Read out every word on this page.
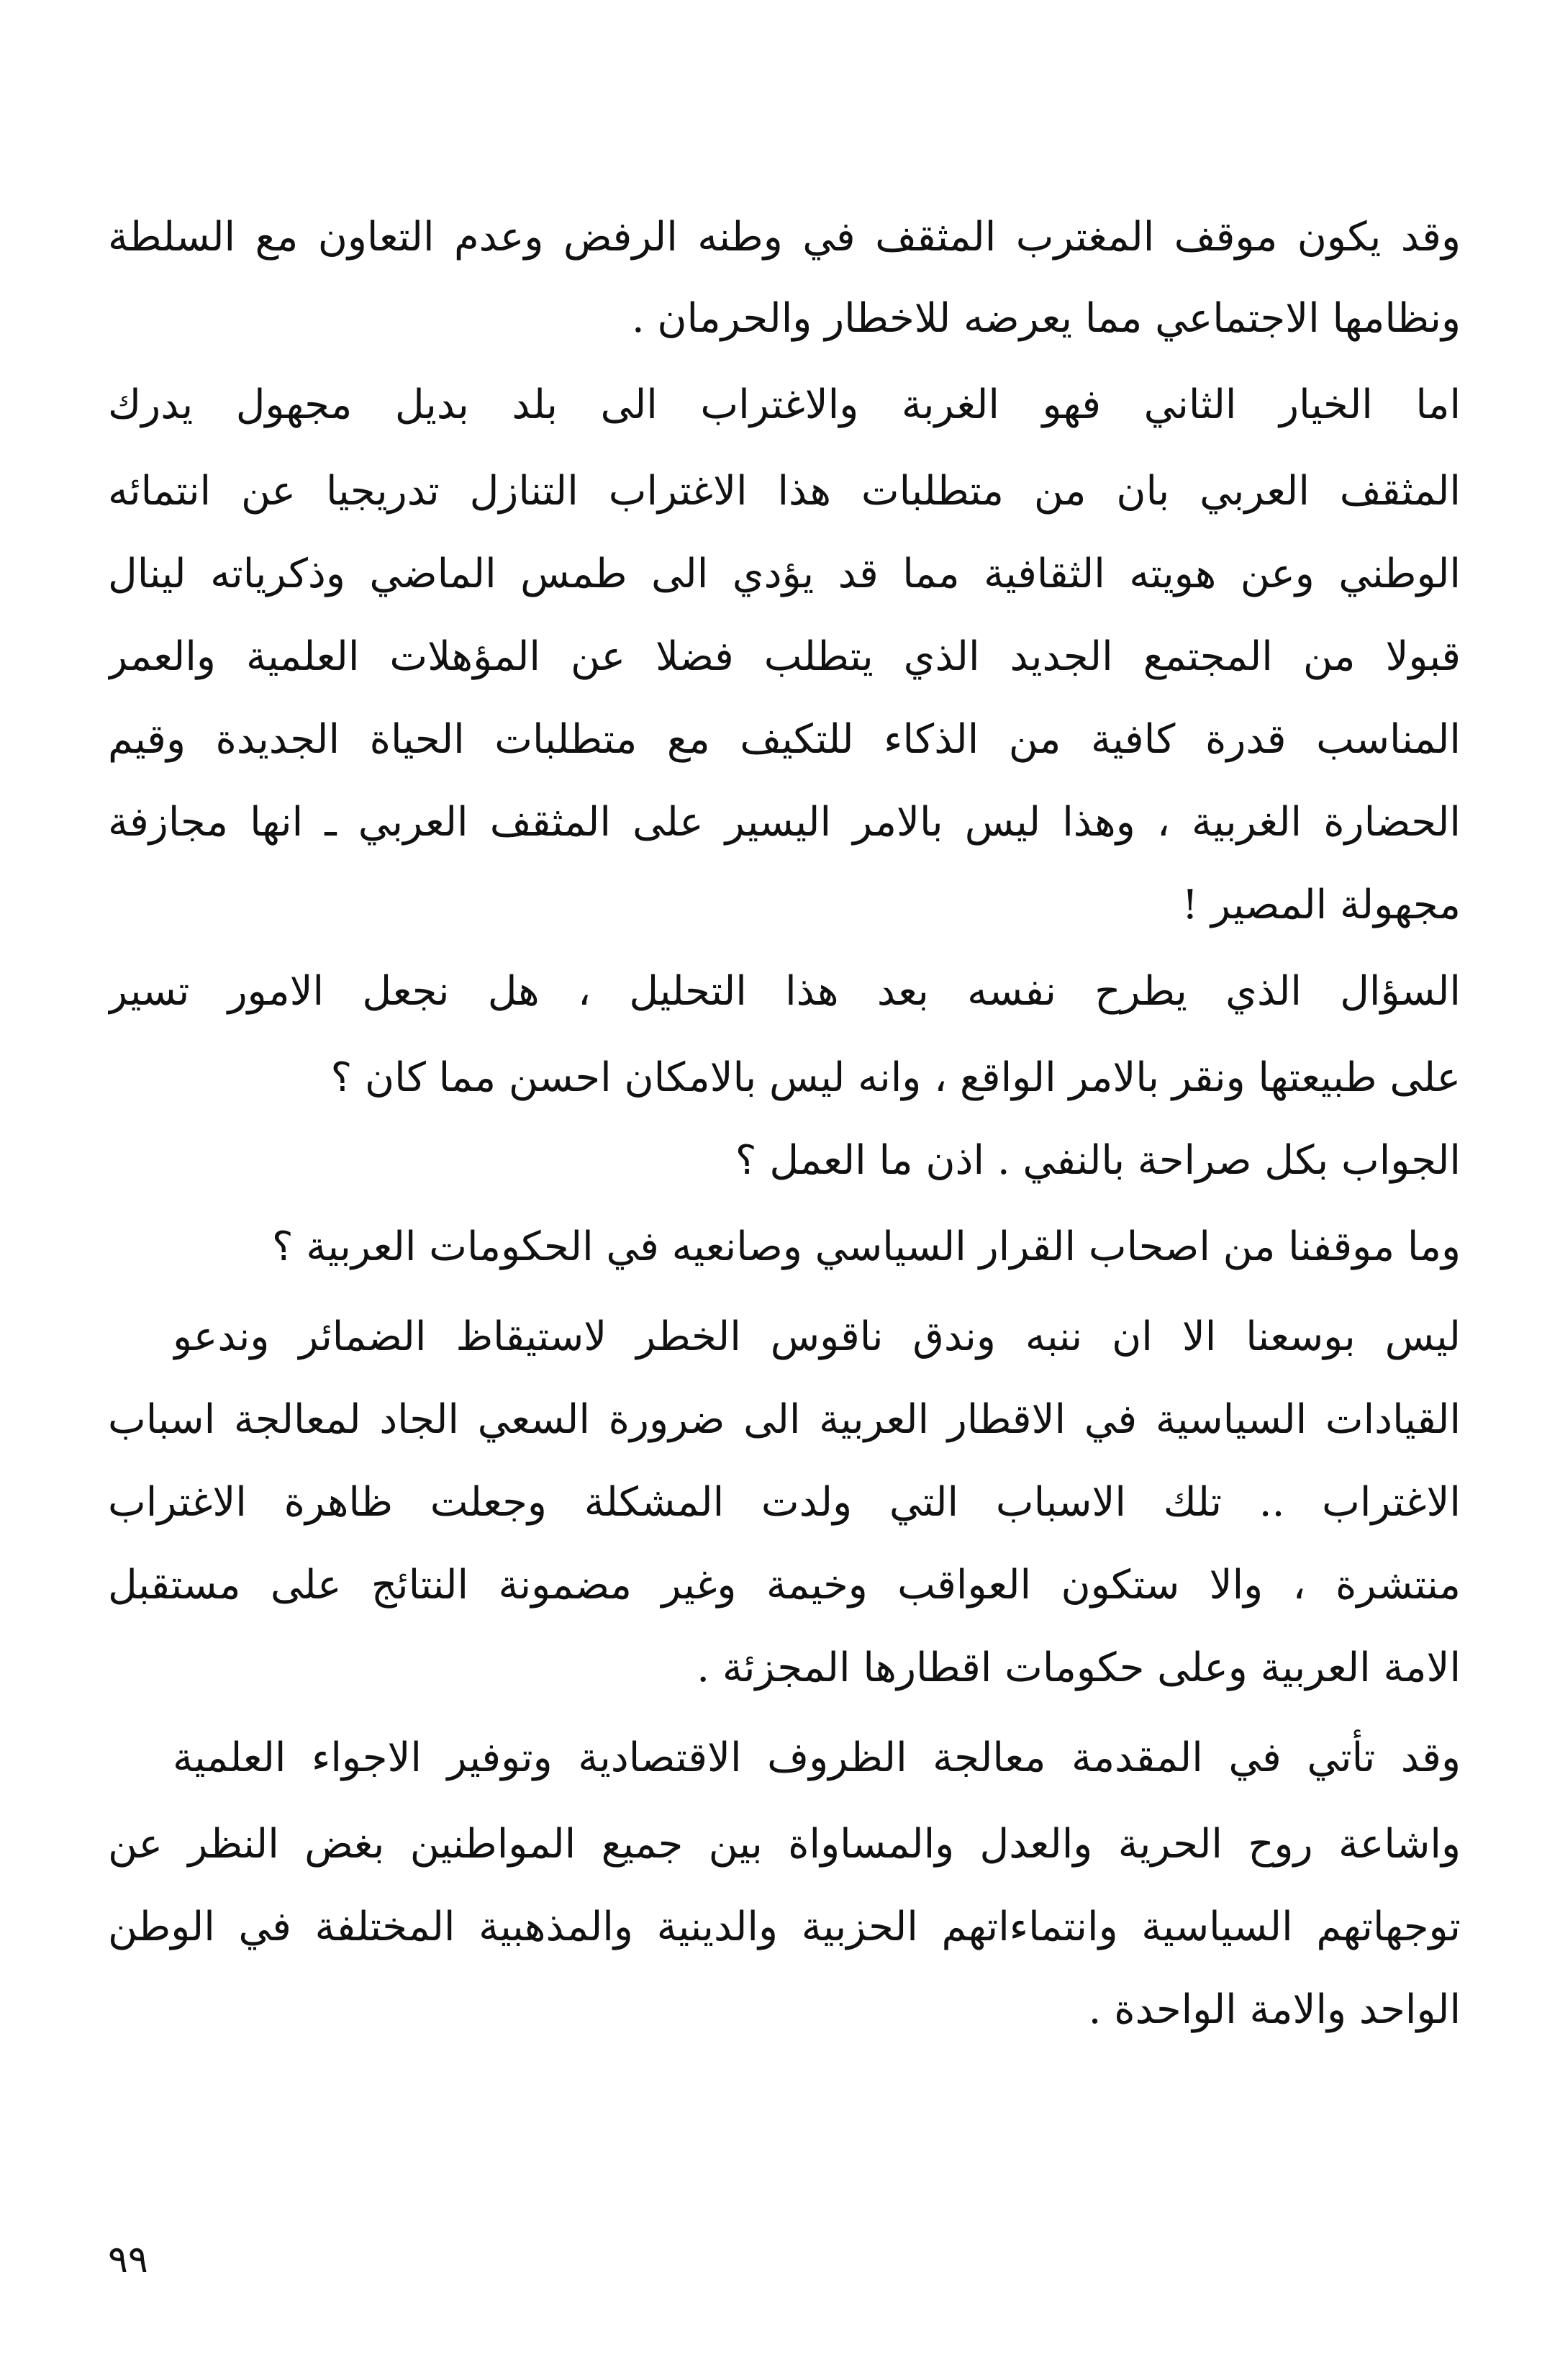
وقد يكون موقف المغترب المثقف في وطنه الرفض وعدم التعاون مع السلطة
ونظامها الاجتماعي مما يعرضه للاخطار والحرمان .
اما الخيار الثاني فهو الغربة والاغتراب الى بلد بديل مجهول يدرك
المثقف العربي بان من متطلبات هذا الاغتراب التنازل تدريجيا عن انتمائه
الوطني وعن هويته الثقافية مما قد يؤدي الى طمس الماضي وذكرياته لينال
قبولا من المجتمع الجديد الذي يتطلب فضلا عن المؤهلات العلمية والعمر
المناسب قدرة كافية من الذكاء للتكيف مع متطلبات الحياة الجديدة وقيم
الحضارة الغربية ، وهذا ليس بالامر اليسير على المثقف العربي ـ انها مجازفة
مجهولة المصير !
السؤال الذي يطرح نفسه بعد هذا التحليل ، هل نجعل الامور تسير
على طبيعتها ونقر بالامر الواقع ، وانه ليس بالامكان احسن مما كان ؟
الجواب بكل صراحة بالنفي . اذن ما العمل ؟
وما موقفنا من اصحاب القرار السياسي وصانعيه في الحكومات العربية ؟
ليس بوسعنا الا ان ننبه وندق ناقوس الخطر لاستيقاظ الضمائر وندعو
القيادات السياسية في الاقطار العربية الى ضرورة السعي الجاد لمعالجة اسباب
الاغتراب .. تلك الاسباب التي ولدت المشكلة وجعلت ظاهرة الاغتراب
منتشرة ، والا ستكون العواقب وخيمة وغير مضمونة النتائج على مستقبل
الامة العربية وعلى حكومات اقطارها المجزئة .
وقد تأتي في المقدمة معالجة الظروف الاقتصادية وتوفير الاجواء العلمية
واشاعة روح الحرية والعدل والمساواة بين جميع المواطنين بغض النظر عن
توجهاتهم السياسية وانتماءاتهم الحزبية والدينية والمذهبية المختلفة في الوطن
الواحد والامة الواحدة .
٩٩
